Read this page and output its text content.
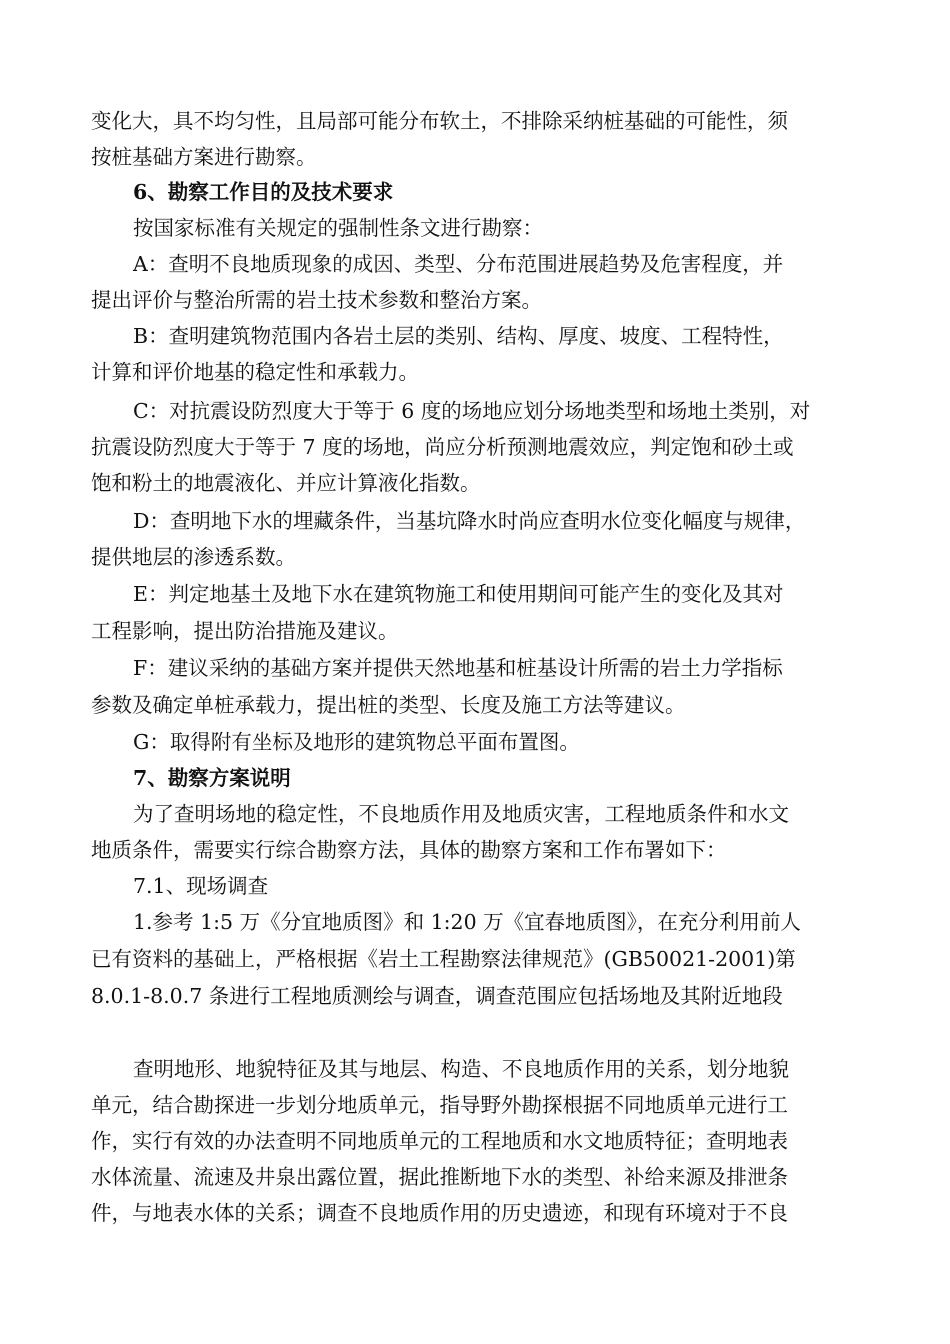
变化大，具不均匀性，且局部可能分布软土，不排除采纳桩基础的可能性，须
按桩基础方案进行勘察。
6、勘察工作目的及技术要求
按国家标准有关规定的强制性条文进行勘察：
A：查明不良地质现象的成因、类型、分布范围进展趋势及危害程度，并
提出评价与整治所需的岩土技术参数和整治方案。
B：查明建筑物范围内各岩土层的类别、结构、厚度、坡度、工程特性，
计算和评价地基的稳定性和承载力。
C：对抗震设防烈度大于等于 6 度的场地应划分场地类型和场地土类别，对
抗震设防烈度大于等于 7 度的场地，尚应分析预测地震效应，判定饱和砂土或
饱和粉土的地震液化、并应计算液化指数。
D：查明地下水的埋藏条件，当基坑降水时尚应查明水位变化幅度与规律，
提供地层的渗透系数。
E：判定地基土及地下水在建筑物施工和使用期间可能产生的变化及其对
工程影响，提出防治措施及建议。
F：建议采纳的基础方案并提供天然地基和桩基设计所需的岩土力学指标
参数及确定单桩承载力，提出桩的类型、长度及施工方法等建议。
G：取得附有坐标及地形的建筑物总平面布置图。
7、勘察方案说明
为了查明场地的稳定性，不良地质作用及地质灾害，工程地质条件和水文
地质条件，需要实行综合勘察方法，具体的勘察方案和工作布署如下：
7.1、现场调查
1.参考 1:5 万《分宜地质图》和 1:20 万《宜春地质图》，在充分利用前人
已有资料的基础上，严格根据《岩土工程勘察法律规范》(GB50021-2001)第
8.0.1-8.0.7 条进行工程地质测绘与调查，调查范围应包括场地及其附近地段
查明地形、地貌特征及其与地层、构造、不良地质作用的关系，划分地貌
单元，结合勘探进一步划分地质单元，指导野外勘探根据不同地质单元进行工
作，实行有效的办法查明不同地质单元的工程地质和水文地质特征；查明地表
水体流量、流速及井泉出露位置，据此推断地下水的类型、补给来源及排泄条
件，与地表水体的关系；调查不良地质作用的历史遗迹，和现有环境对于不良
